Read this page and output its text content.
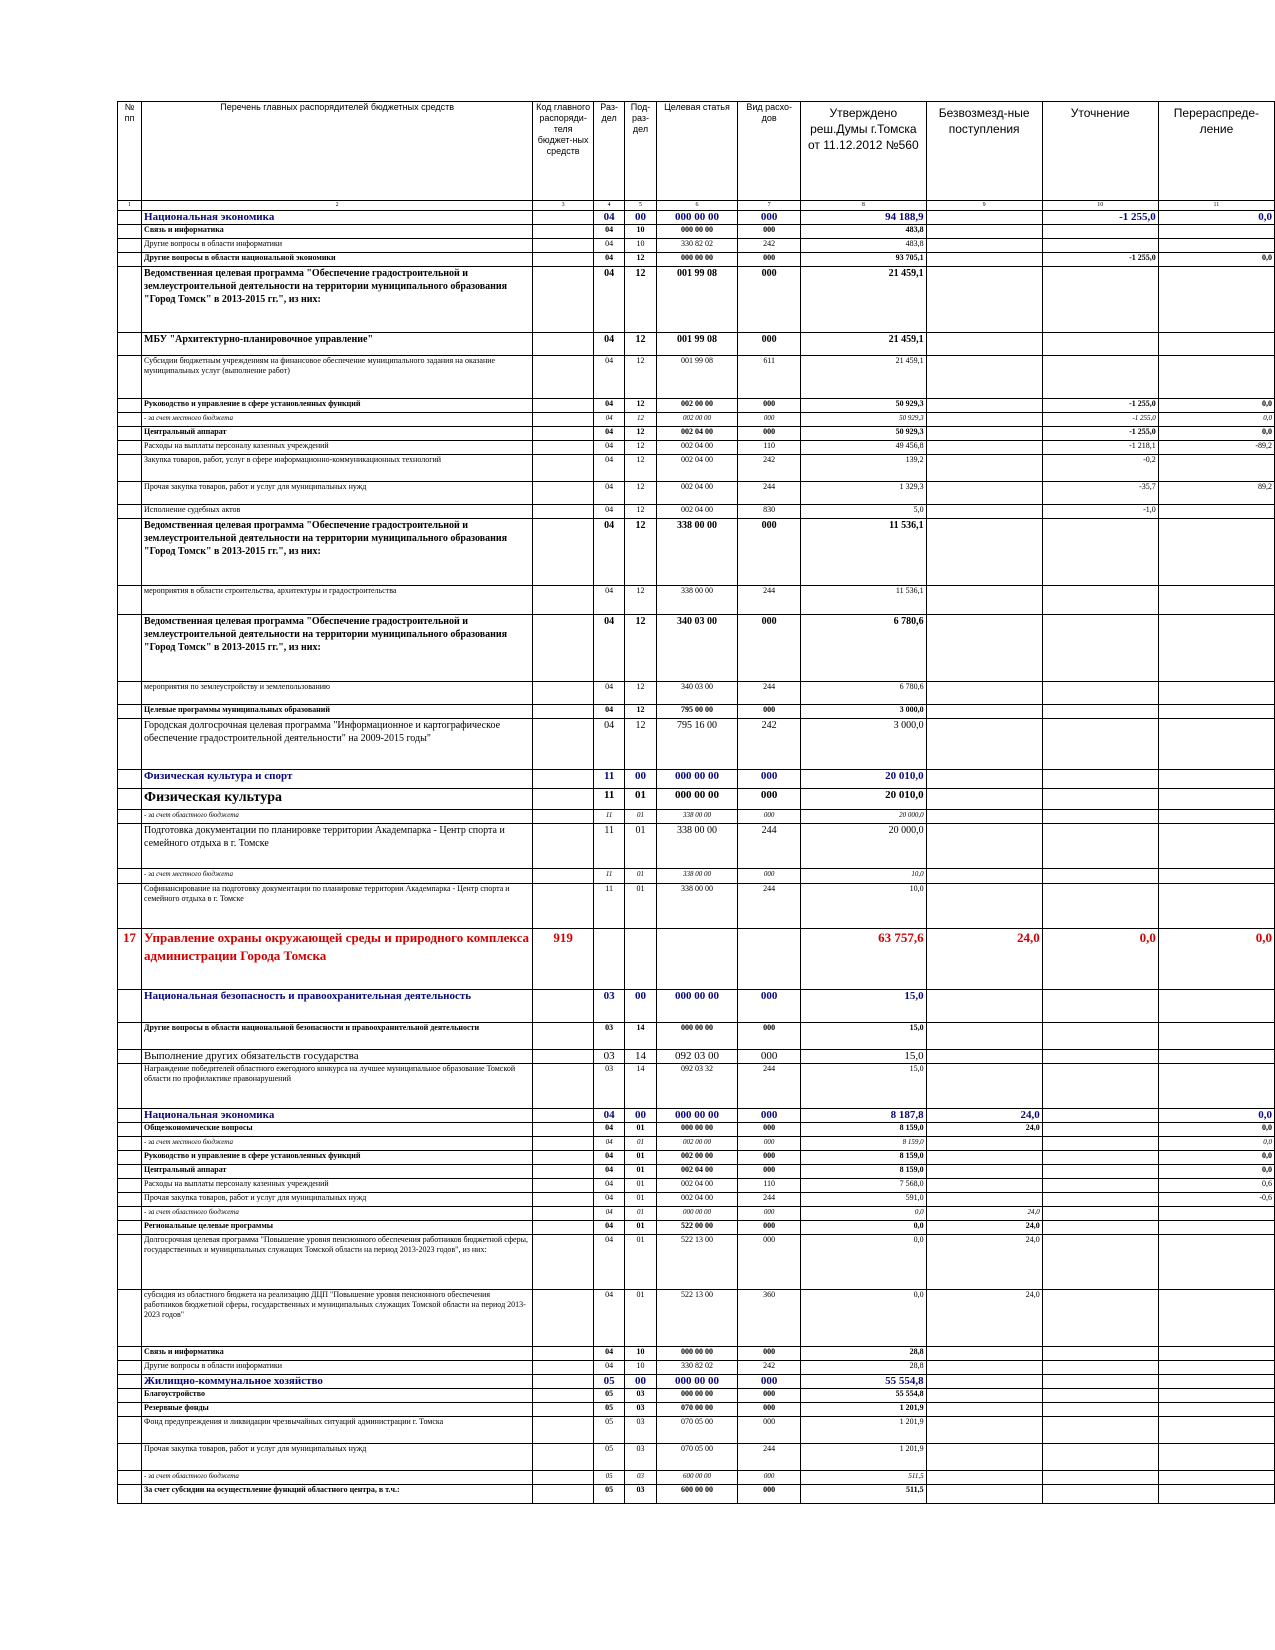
№ пп	Перечень главных распорядителей бюджетных средств	Код главного распоряди-теля бюджет-ных средств	Раз-дел	Под-раз-дел	Целевая статья	Вид расхо-дов	Утверждено реш.Думы г.Томска от 11.12.2012 №560	Безвозмезд-ные поступления	Уточнение	Перераспреде-ление
1	2	3	4	5	6	7	8	9	10	11
	Национальная экономика		04	00	000 00 00	000	94 188,9		-1 255,0	0,0
	Связь и информатика		04	10	000 00 00	000	483,8			
	Другие вопросы в области информатики		04	10	330 82 02	242	483,8			
	Другие вопросы в области национальной экономики		04	12	000 00 00	000	93 705,1		-1 255,0	0,0
	Ведомственная целевая программа "Обеспечение градостроительной и землеустроительной деятельности на территории муниципального образования "Город Томск" в 2013-2015 гг.", из них:		04	12	001 99 08	000	21 459,1			
	МБУ "Архитектурно-планировочное управление"		04	12	001 99 08	000	21 459,1			
	Субсидии бюджетным учреждениям на финансовое обеспечение муниципального задания на оказание муниципальных услуг (выполнение работ)		04	12	001 99 08	611	21 459,1			
	Руководство и управление в сфере установленных функций		04	12	002 00 00	000	50 929,3		-1 255,0	0,0
	- за счет местного бюджета		04	12	002 00 00	000	50 929,3		-1 255,0	0,0
	Центральный аппарат		04	12	002 04 00	000	50 929,3		-1 255,0	0,0
	Расходы на выплаты персоналу казенных учреждений		04	12	002 04 00	110	49 456,8		-1 218,1	-89,2
	Закупка товаров, работ, услуг в сфере информационно-коммуникационных технологий		04	12	002 04 00	242	139,2		-0,2	
	Прочая закупка товаров, работ и услуг для муниципальных нужд		04	12	002 04 00	244	1 329,3		-35,7	89,2
	Исполнение судебных актов		04	12	002 04 00	830	5,0		-1,0	
	Ведомственная целевая программа "Обеспечение градостроительной и землеустроительной деятельности на территории муниципального образования "Город Томск" в 2013-2015 гг.", из них:		04	12	338 00 00	000	11 536,1			
	мероприятия в области строительства, архитектуры и градостроительства		04	12	338 00 00	244	11 536,1			
	Ведомственная целевая программа "Обеспечение градостроительной и землеустроительной деятельности на территории муниципального образования "Город Томск" в 2013-2015 гг.", из них:		04	12	340 03 00	000	6 780,6			
	мероприятия по землеустройству и землепользованию		04	12	340 03 00	244	6 780,6			
	Целевые программы муниципальных образований		04	12	795 00 00	000	3 000,0			
	Городская долгосрочная целевая программа "Информационное и картографическое обеспечение градостроительной деятельности" на 2009-2015 годы"		04	12	795 16 00	242	3 000,0			
	Физическая культура и спорт		11	00	000 00 00	000	20 010,0			
	Физическая культура		11	01	000 00 00	000	20 010,0			
	- за счет областного бюджета		11	01	338 00 00	000	20 000,0			
	Подготовка документации по планировке территории Академпарка - Центр спорта и семейного отдыха в г. Томске		11	01	338 00 00	244	20 000,0			
	- за счет местного бюджета		11	01	338 00 00	000	10,0			
	Софинансирование на подготовку документации по планировке территории Академпарка - Центр спорта и семейного отдыха в г. Томске		11	01	338 00 00	244	10,0			
17	Управление охраны окружающей среды и природного комплекса администрации Города Томска	919					63 757,6	24,0	0,0	0,0
	Национальная безопасность и правоохранительная деятельность		03	00	000 00 00	000	15,0			
	Другие вопросы в области национальной безопасности и правоохранительной деятельности		03	14	000 00 00	000	15,0			
	Выполнение других обязательств государства		03	14	092 03 00	000	15,0			
	Награждение победителей областного ежегодного конкурса на лучшее муниципальное образование Томской области по профилактике правонарушений		03	14	092 03 32	244	15,0			
	Национальная экономика		04	00	000 00 00	000	8 187,8	24,0		0,0
	Общеэкономические вопросы		04	01	000 00 00	000	8 159,0	24,0		0,0
	- за счет местного бюджета		04	01	002 00 00	000	8 159,0			0,0
	Руководство и управление в сфере установленных функций		04	01	002 00 00	000	8 159,0			0,0
	Центральный аппарат		04	01	002 04 00	000	8 159,0			0,0
	Расходы на выплаты персоналу казенных учреждений		04	01	002 04 00	110	7 568,0			0,6
	Прочая закупка товаров, работ и услуг для муниципальных нужд		04	01	002 04 00	244	591,0			-0,6
	- за счет областного бюджета		04	01	000 00 00	000	0,0	24,0		
	Региональные целевые программы		04	01	522 00 00	000	0,0	24,0		
	Долгосрочная целевая программа "Повышение уровня пенсионного обеспечения работников бюджетной сферы, государственных и муниципальных служащих Томской области на период 2013-2023 годов", из них:		04	01	522 13 00	000	0,0	24,0		
	субсидия из областного бюджета на реализацию ДЦП "Повышение уровня пенсионного обеспечения работников бюджетной сферы, государственных и муниципальных служащих Томской области на период 2013-2023 годов"		04	01	522 13 00	360	0,0	24,0		
	Связь и информатика		04	10	000 00 00	000	28,8			
	Другие вопросы в области информатики		04	10	330 82 02	242	28,8			
	Жилищно-коммунальное хозяйство		05	00	000 00 00	000	55 554,8			
	Благоустройство		05	03	000 00 00	000	55 554,8			
	Резервные фонды		05	03	070 00 00	000	1 201,9			
	Фонд предупреждения и ликвидации чрезвычайных ситуаций администрации г. Томска		05	03	070 05 00	000	1 201,9			
	Прочая закупка товаров, работ и услуг для муниципальных нужд		05	03	070 05 00	244	1 201,9			
	- за счет областного бюджета		05	03	600 00 00	000	511,5			
	За счет субсидии на осуществление функций областного центра, в т.ч.:		05	03	600 00 00	000	511,5			
